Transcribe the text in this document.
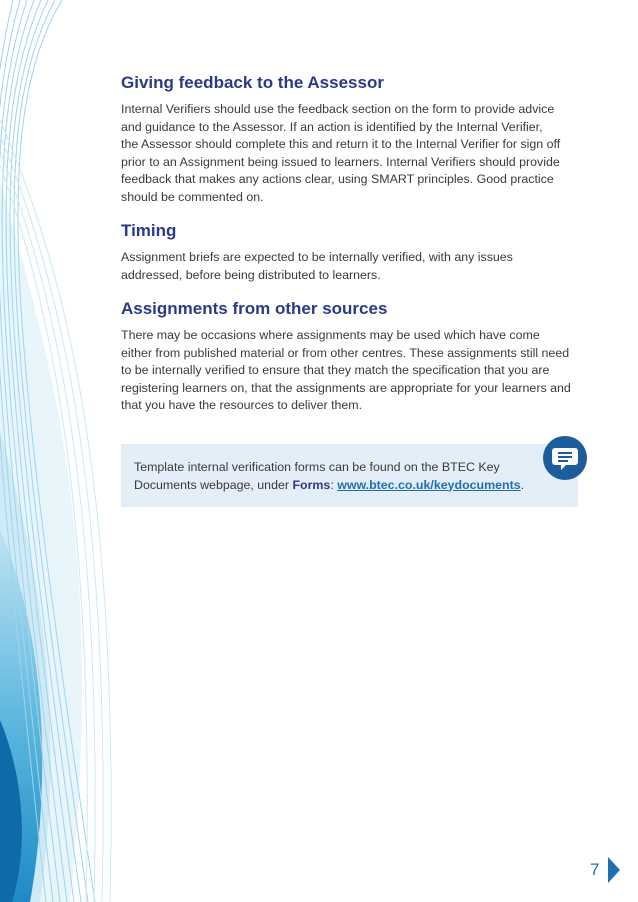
Giving feedback to the Assessor

Internal Verifiers should use the feedback section on the form to provide advice
and guidance to the Assessor. If an action is identified by the Internal Verifier,
the Assessor should complete this and return it to the Internal Verifier for sign off
prior to an Assignment being issued to learners. Internal Verifiers should provide
feedback that makes any actions clear, using SMART principles. Good practice
should be commented on.

Timing

Assignment briefs are expected to be internally verified, with any issues
addressed, before being distributed to learners.

Assignments from other sources

There may be occasions where assignments may be used which have come
either from published material or from other centres. These assignments still need
to be internally verified to ensure that they match the specification that you are
registering learners on, that the assignments are appropriate for your learners and
that you have the resources to deliver them.

Template internal verification forms can be found on the BTEC Key
Documents webpage, under Forms: www.btec.co.uk/keydocuments.

7
